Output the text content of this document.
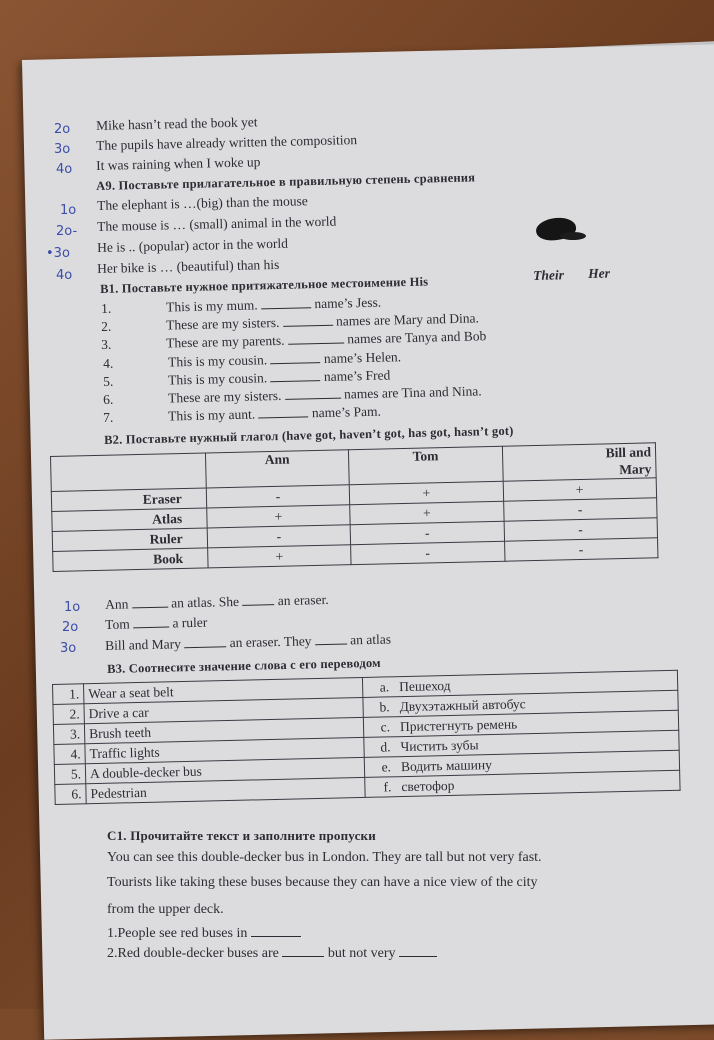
2o Mike hasn’t read the book yet
3o The pupils have already written the composition
4o It was raining when I woke up
А9. Поставьте прилагательное в правильную степень сравнения
1o The elephant is …(big) than the mouse
2o- The mouse is … (small) animal in the world
•3o He is .. (popular) actor in the world
4o Her bike is … (beautiful) than his
В1. Поставьте нужное притяжательное местоимение His	Their Her
1.	This is my mum.	name’s Jess.
2.	These are my sisters.	names are Mary and Dina.
3.	These are my parents.	names are Tanya and Bob
4.	This is my cousin.	name’s Helen.
5.	This is my cousin.	name’s Fred
6.	These are my sisters.	names are Tina and Nina.
7.	This is my aunt.	name’s Pam.
В2. Поставьте нужный глагол (have got, haven’t got, has got, hasn’t got)
	Ann	Tom	Bill and
Mary
Eraser	-	+	+
Atlas	+	+	-
Ruler	-	-	-
Book	+	-	-
1o Ann	an atlas. She	an eraser.
2o Tom	a ruler
3o Bill and Mary	an eraser. They	an atlas
В3. Соотнесите значение слова с его переводом
1.	Wear a seat belt	a.	Пешеход
2.	Drive a car	b.	Двухэтажный автобус
3.	Brush teeth	c.	Пристегнуть ремень
4.	Traffic lights	d.	Чистить зубы
5.	A double-decker bus	e.	Водить машину
6.	Pedestrian	f.	светофор
С1. Прочитайте текст и заполните пропуски
You can see this double-decker bus in London. They are tall but not very fast.
Tourists like taking these buses because they can have a nice view of the city
from the upper deck.
1.People see red buses in
2.Red double-decker buses are	but not very
